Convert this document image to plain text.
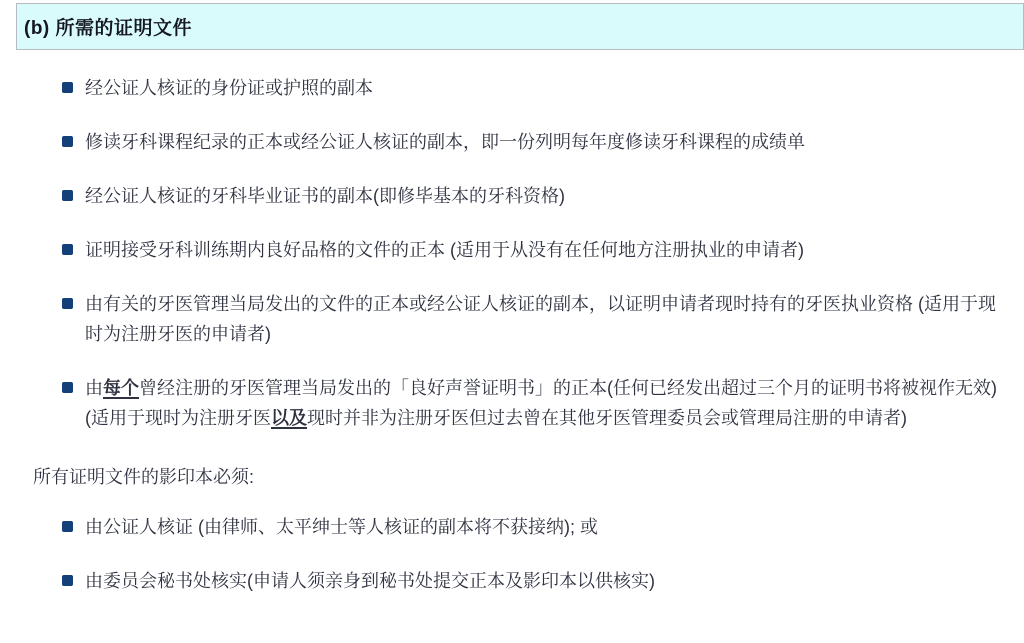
(b) 所需的证明文件
经公证人核证的身份证或护照的副本
修读牙科课程纪录的正本或经公证人核证的副本，即一份列明每年度修读牙科课程的成绩单
经公证人核证的牙科毕业证书的副本(即修毕基本的牙科资格)
证明接受牙科训练期内良好品格的文件的正本 (适用于从没有在任何地方注册执业的申请者)
由有关的牙医管理当局发出的文件的正本或经公证人核证的副本，以证明申请者现时持有的牙医执业资格 (适用于现时为注册牙医的申请者)
由每个曾经注册的牙医管理当局发出的「良好声誉证明书」的正本(任何已经发出超过三个月的证明书将被视作无效) (适用于现时为注册牙医以及现时并非为注册牙医但过去曾在其他牙医管理委员会或管理局注册的申请者)

所有证明文件的影印本必须:

由公证人核证 (由律师、太平绅士等人核证的副本将不获接纳); 或
由委员会秘书处核实(申请人须亲身到秘书处提交正本及影印本以供核实)
